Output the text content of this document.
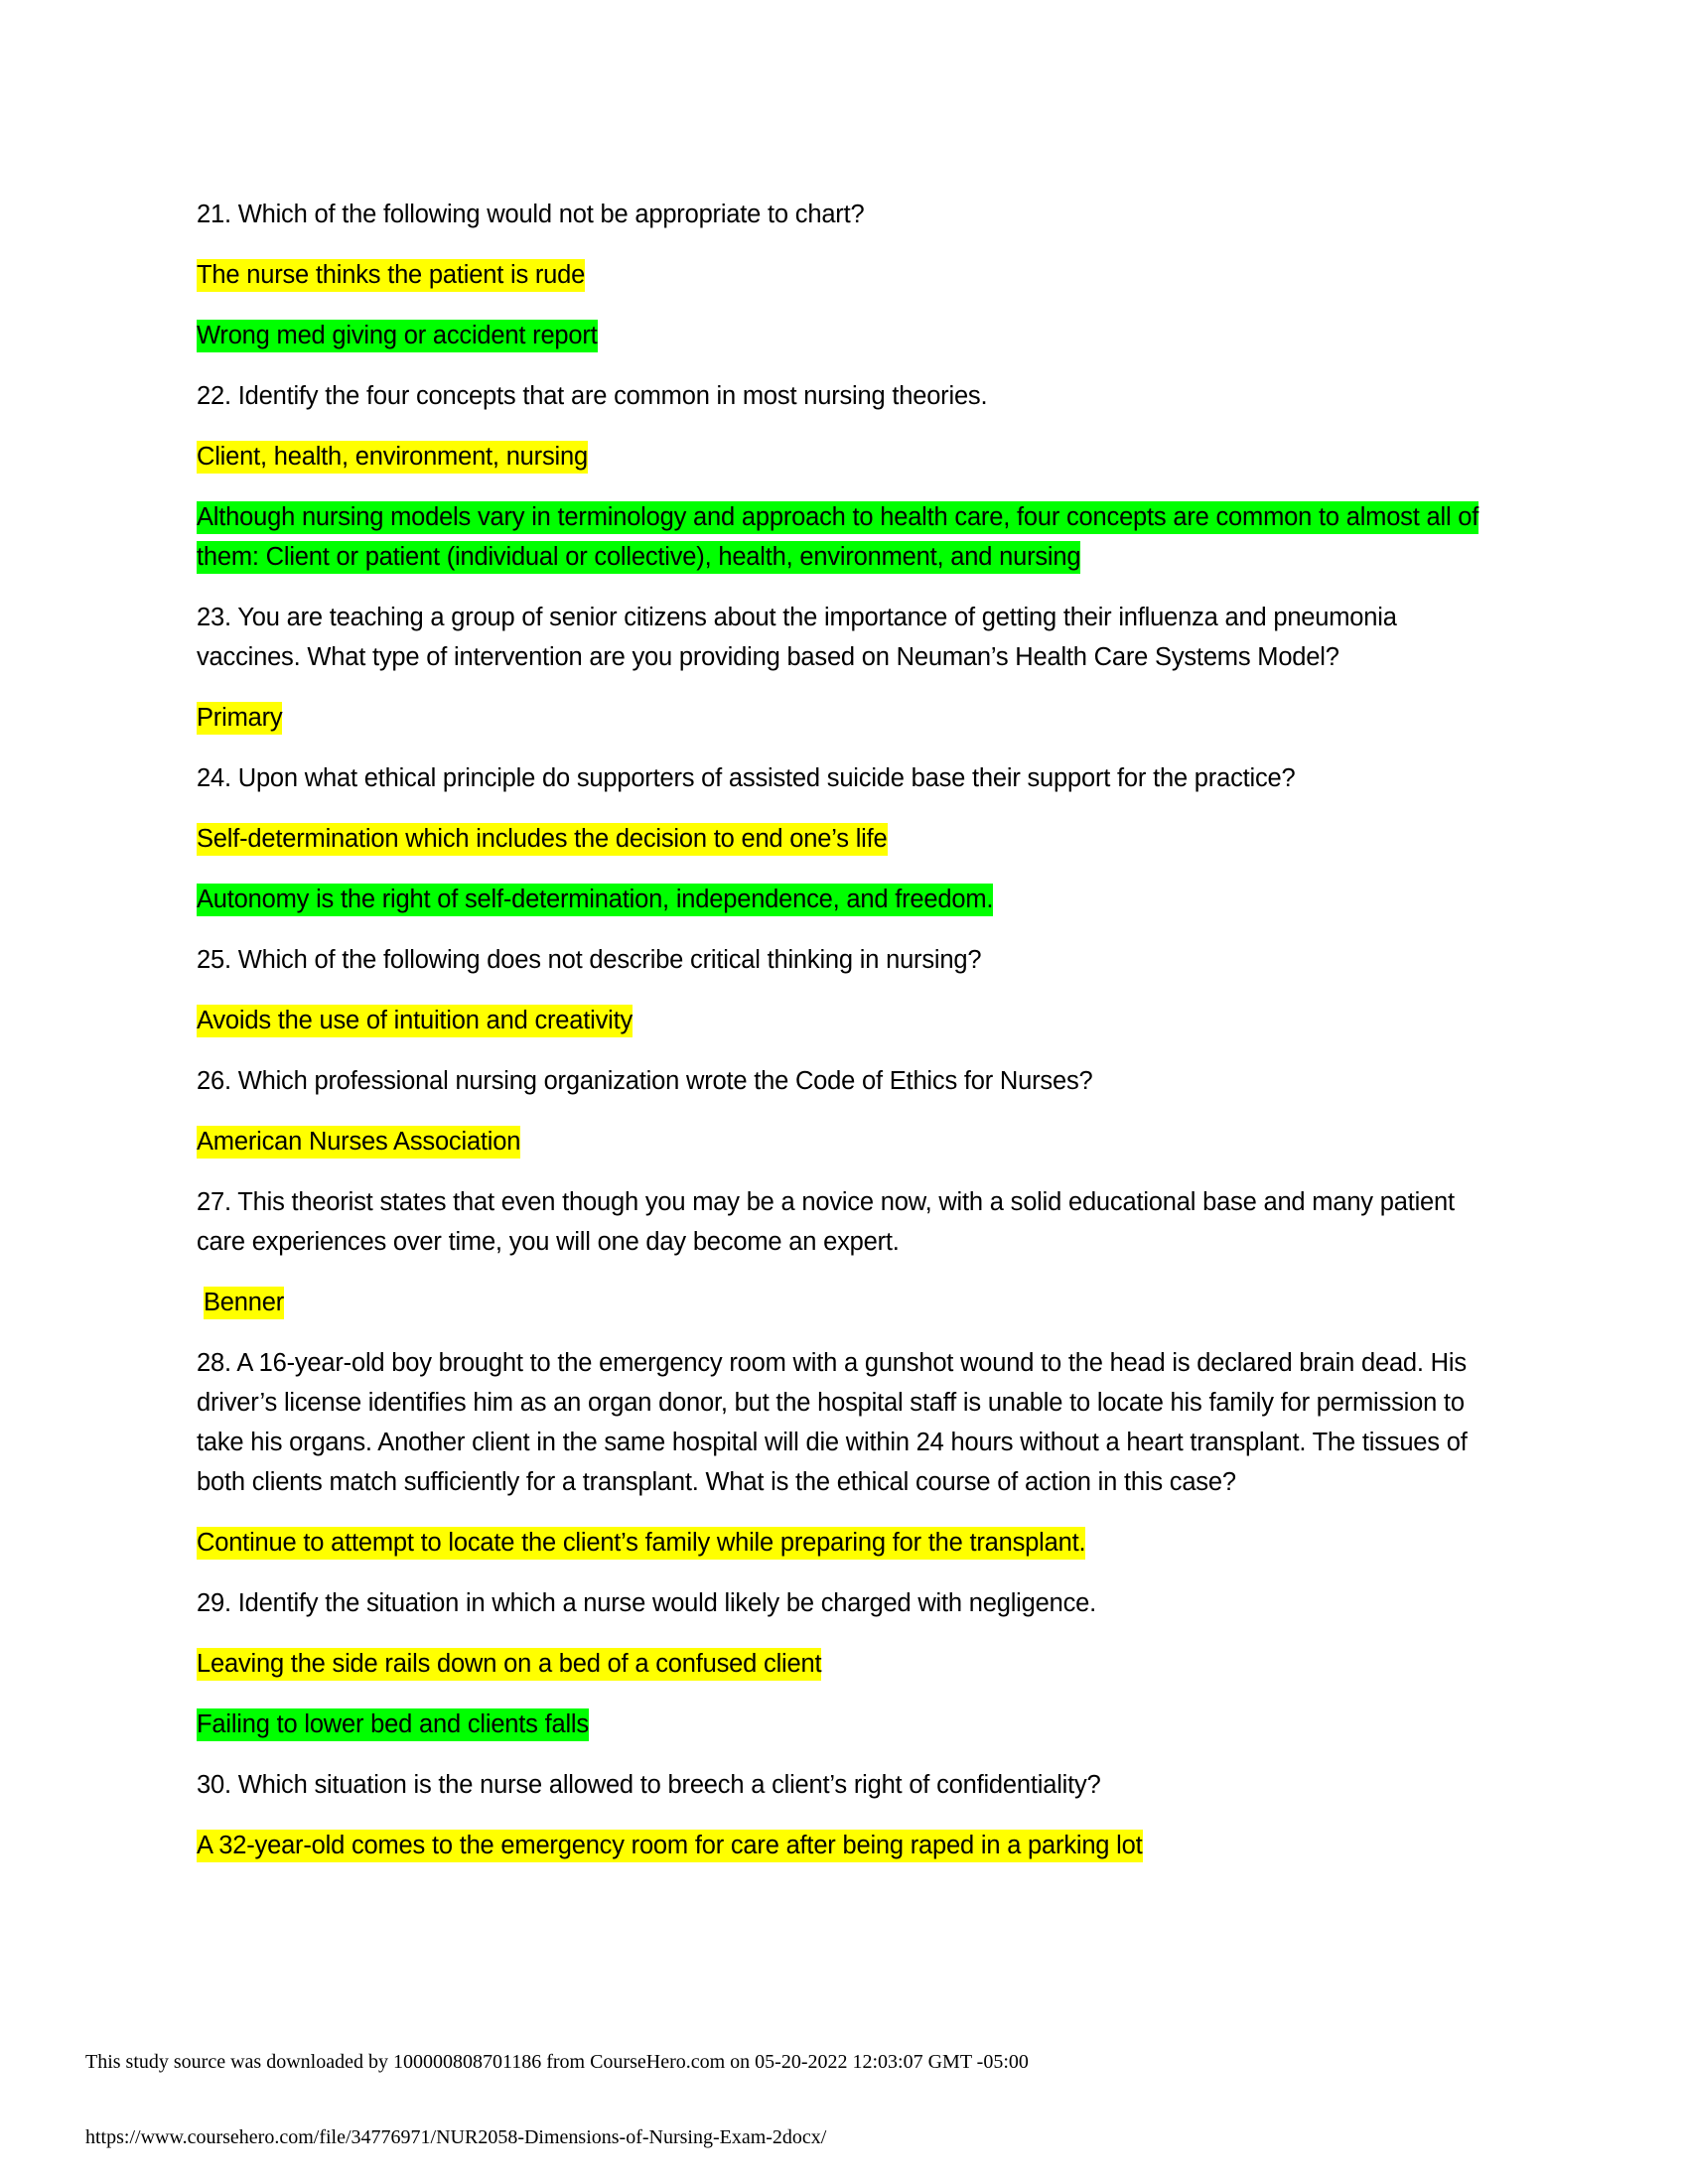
21. Which of the following would not be appropriate to chart?

The nurse thinks the patient is rude

Wrong med giving or accident report

22. Identify the four concepts that are common in most nursing theories.

Client, health, environment, nursing

Although nursing models vary in terminology and approach to health care, four concepts are common to almost all of them: Client or patient (individual or collective), health, environment, and nursing

23. You are teaching a group of senior citizens about the importance of getting their influenza and pneumonia vaccines. What type of intervention are you providing based on Neuman’s Health Care Systems Model?

Primary

24. Upon what ethical principle do supporters of assisted suicide base their support for the practice?

Self-determination which includes the decision to end one’s life

Autonomy is the right of self-determination, independence, and freedom.

25. Which of the following does not describe critical thinking in nursing?

Avoids the use of intuition and creativity

26. Which professional nursing organization wrote the Code of Ethics for Nurses?

American Nurses Association

27. This theorist states that even though you may be a novice now, with a solid educational base and many patient care experiences over time, you will one day become an expert.

Benner

28. A 16-year-old boy brought to the emergency room with a gunshot wound to the head is declared brain dead. His driver’s license identifies him as an organ donor, but the hospital staff is unable to locate his family for permission to take his organs. Another client in the same hospital will die within 24 hours without a heart transplant. The tissues of both clients match sufficiently for a transplant. What is the ethical course of action in this case?

Continue to attempt to locate the client’s family while preparing for the transplant.

29. Identify the situation in which a nurse would likely be charged with negligence.

Leaving the side rails down on a bed of a confused client

Failing to lower bed and clients falls

30. Which situation is the nurse allowed to breech a client’s right of confidentiality?

A 32-year-old comes to the emergency room for care after being raped in a parking lot

This study source was downloaded by 100000808701186 from CourseHero.com on 05-20-2022 12:03:07 GMT -05:00
https://www.coursehero.com/file/34776971/NUR2058-Dimensions-of-Nursing-Exam-2docx/
